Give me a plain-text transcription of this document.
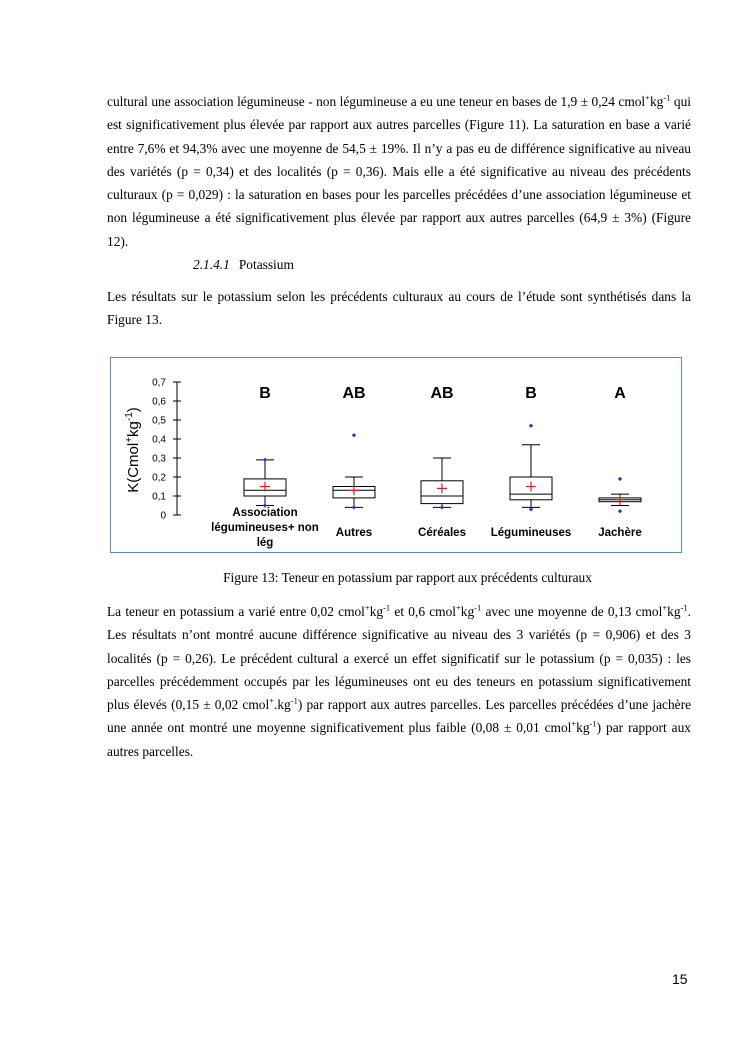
cultural une association légumineuse - non légumineuse a eu une teneur en bases de 1,9 ± 0,24 $cmol^+kg^{-1}$ qui est significativement plus élevée par rapport aux autres parcelles (Figure 11). La saturation en base a varié entre 7,6% et 94,3% avec une moyenne de 54,5 ± 19%. Il n’y a pas eu de différence significative au niveau des variétés (p = 0,34) et des localités (p = 0,36). Mais elle a été significative au niveau des précédents culturaux (p = 0,029) : la saturation en bases pour les parcelles précédées d’une association légumineuse et non légumineuse a été significativement plus élevée par rapport aux autres parcelles (64,9 ± 3%) (Figure 12).

2.1.4.1 Potassium

Les résultats sur le potassium selon les précédents culturaux au cours de l’étude sont synthétisés dans la Figure 13.

0
0,1
0,2
0,3
0,4
0,5
0,6
0,7
$K(Cmol^+kg^{-1})$
B
Association
légumineuses+ non
lég
AB
Autres
AB
Céréales
B
Légumineuses
A
Jachère
Figure 13: Teneur en potassium par rapport aux précédents culturaux

La teneur en potassium a varié entre 0,02 $cmol^+kg^{-1}$ et 0,6 $cmol^+kg^{-1}$ avec une moyenne de 0,13 $cmol^+kg^{-1}$. Les résultats n’ont montré aucune différence significative au niveau des 3 variétés (p = 0,906) et des 3 localités (p = 0,26). Le précédent cultural a exercé un effet significatif sur le potassium (p = 0,035) : les parcelles précédemment occupés par les légumineuses ont eu des teneurs en potassium significativement plus élevés (0,15 ± 0,02 $cmol^+.kg^{-1}$) par rapport aux autres parcelles. Les parcelles précédées d’une jachère une année ont montré une moyenne significativement plus faible (0,08 ± 0,01 $cmol^+kg^{-1}$) par rapport aux autres parcelles.

15
